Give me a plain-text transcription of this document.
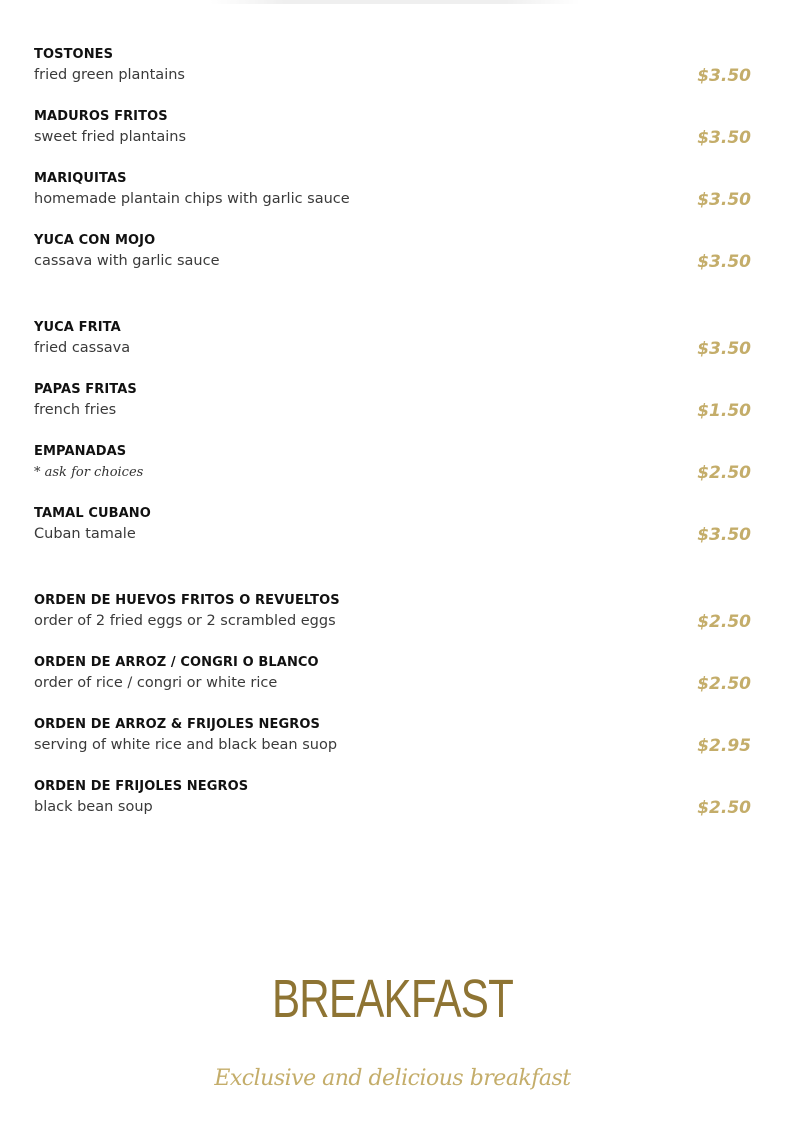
TOSTONES
fried green plantains	$3.50
MADUROS FRITOS
sweet fried plantains	$3.50
MARIQUITAS
homemade plantain chips with garlic sauce	$3.50
YUCA CON MOJO
cassava with garlic sauce	$3.50
YUCA FRITA
fried cassava	$3.50
PAPAS FRITAS
french fries	$1.50
EMPANADAS
* ask for choices	$2.50
TAMAL CUBANO
Cuban tamale	$3.50
ORDEN DE HUEVOS FRITOS O REVUELTOS
order of 2 fried eggs or 2 scrambled eggs	$2.50
ORDEN DE ARROZ / CONGRI O BLANCO
order of rice / congri or white rice	$2.50
ORDEN DE ARROZ & FRIJOLES NEGROS
serving of white rice and black bean suop	$2.95
ORDEN DE FRIJOLES NEGROS
black bean soup	$2.50
BREAKFAST
Exclusive and delicious breakfast
